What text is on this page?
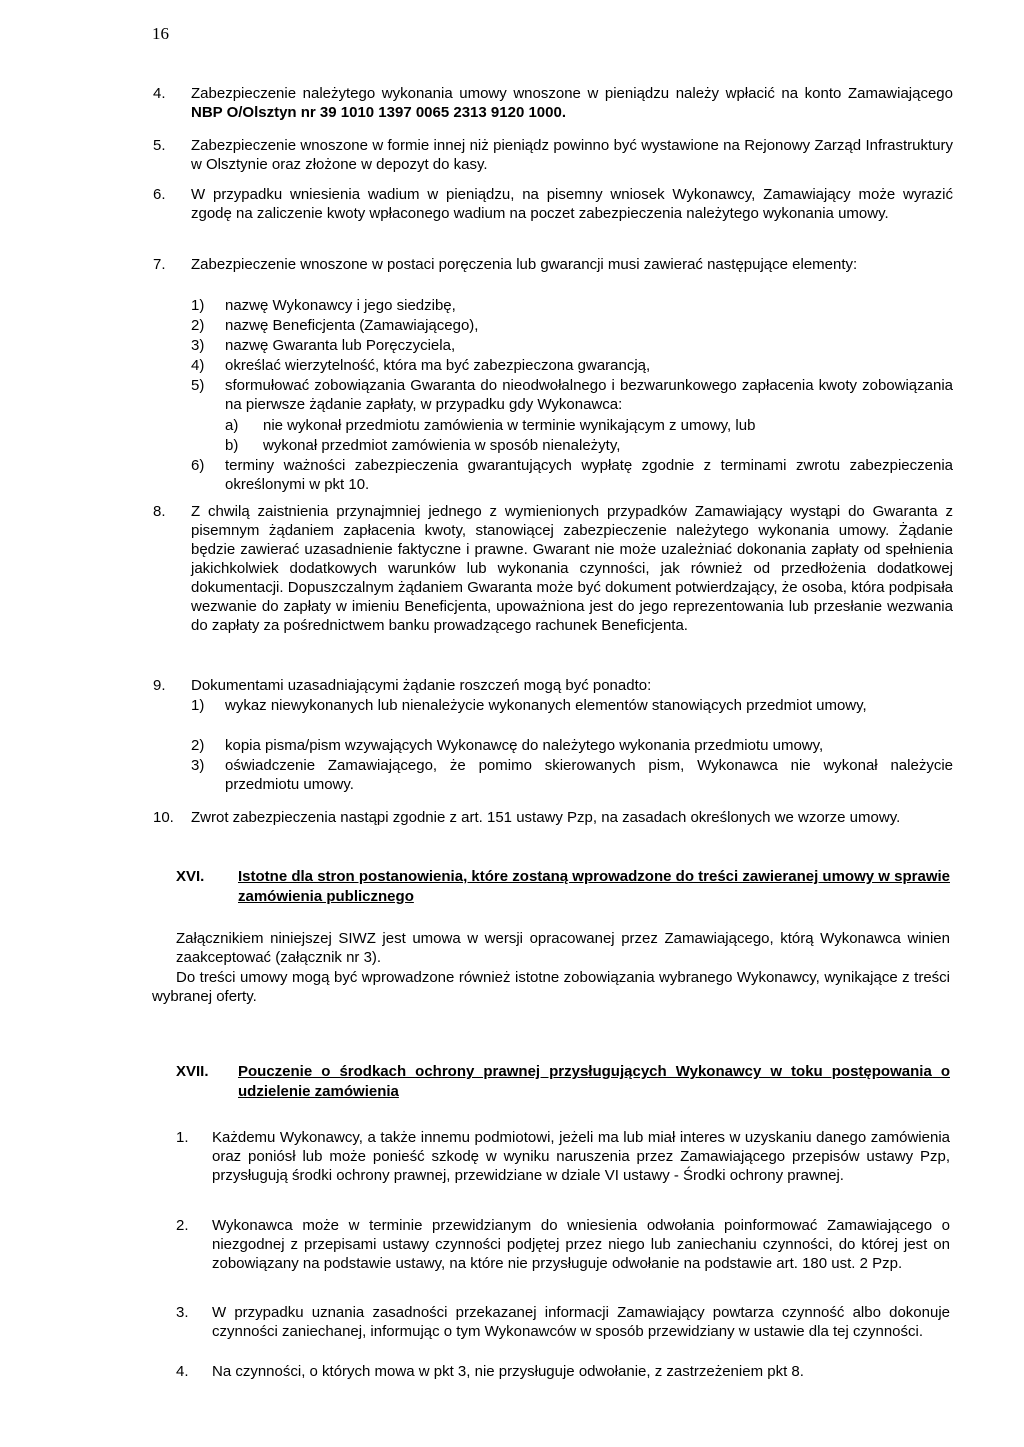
16
4. Zabezpieczenie należytego wykonania umowy wnoszone w pieniądzu należy wpłacić na konto Zamawiającego NBP O/Olsztyn nr 39 1010 1397 0065 2313 9120 1000.

5. Zabezpieczenie wnoszone w formie innej niż pieniądz powinno być wystawione na Rejonowy Zarząd Infrastruktury w Olsztynie oraz złożone w depozyt do kasy.

6. W przypadku wniesienia wadium w pieniądzu, na pisemny wniosek Wykonawcy, Zamawiający może wyrazić zgodę na zaliczenie kwoty wpłaconego wadium na poczet zabezpieczenia należytego wykonania umowy.

7. Zabezpieczenie wnoszone w postaci poręczenia lub gwarancji musi zawierać następujące elementy:

1) nazwę Wykonawcy i jego siedzibę,

2) nazwę Beneficjenta (Zamawiającego),

3) nazwę Gwaranta lub Poręczyciela,

4) określać wierzytelność, która ma być zabezpieczona gwarancją,

5) sformułować zobowiązania Gwaranta do nieodwołalnego i bezwarunkowego zapłacenia kwoty zobowiązania na pierwsze żądanie zapłaty, w przypadku gdy Wykonawca:

a) nie wykonał przedmiotu zamówienia w terminie wynikającym z umowy, lub

b) wykonał przedmiot zamówienia w sposób nienależyty,

6) terminy ważności zabezpieczenia gwarantujących wypłatę zgodnie z terminami zwrotu zabezpieczenia określonymi w pkt 10.

8. Z chwilą zaistnienia przynajmniej jednego z wymienionych przypadków Zamawiający wystąpi do Gwaranta z pisemnym żądaniem zapłacenia kwoty, stanowiącej zabezpieczenie należytego wykonania umowy. Żądanie będzie zawierać uzasadnienie faktyczne i prawne. Gwarant nie może uzależniać dokonania zapłaty od spełnienia jakichkolwiek dodatkowych warunków lub wykonania czynności, jak również od przedłożenia dodatkowej dokumentacji. Dopuszczalnym żądaniem Gwaranta może być dokument potwierdzający, że osoba, która podpisała wezwanie do zapłaty w imieniu Beneficjenta, upoważniona jest do jego reprezentowania lub przesłanie wezwania do zapłaty za pośrednictwem banku prowadzącego rachunek Beneficjenta.

9. Dokumentami uzasadniającymi żądanie roszczeń mogą być ponadto:

1) wykaz niewykonanych lub nienależycie wykonanych elementów stanowiących przedmiot umowy,

2) kopia pisma/pism wzywających Wykonawcę do należytego wykonania przedmiotu umowy,

3) oświadczenie Zamawiającego, że pomimo skierowanych pism, Wykonawca nie wykonał należycie przedmiotu umowy.

10. Zwrot zabezpieczenia nastąpi zgodnie z art. 151 ustawy Pzp, na zasadach określonych we wzorze umowy.

XVI. Istotne dla stron postanowienia, które zostaną wprowadzone do treści zawieranej umowy w sprawie zamówienia publicznego

Załącznikiem niniejszej SIWZ jest umowa w wersji opracowanej przez Zamawiającego, którą Wykonawca winien zaakceptować (załącznik nr 3).

Do treści umowy mogą być wprowadzone również istotne zobowiązania wybranego Wykonawcy, wynikające z treści wybranej oferty.

XVII. Pouczenie o środkach ochrony prawnej przysługujących Wykonawcy w toku postępowania o udzielenie zamówienia
1. Każdemu Wykonawcy, a także innemu podmiotowi, jeżeli ma lub miał interes w uzyskaniu danego zamówienia oraz poniósł lub może ponieść szkodę w wyniku naruszenia przez Zamawiającego przepisów ustawy Pzp, przysługują środki ochrony prawnej, przewidziane w dziale VI ustawy - Środki ochrony prawnej.

2. Wykonawca może w terminie przewidzianym do wniesienia odwołania poinformować Zamawiającego o niezgodnej z przepisami ustawy czynności podjętej przez niego lub zaniechaniu czynności, do której jest on zobowiązany na podstawie ustawy, na które nie przysługuje odwołanie na podstawie art. 180 ust. 2 Pzp.

3. W przypadku uznania zasadności przekazanej informacji Zamawiający powtarza czynność albo dokonuje czynności zaniechanej, informując o tym Wykonawców w sposób przewidziany w ustawie dla tej czynności.

4. Na czynności, o których mowa w pkt 3, nie przysługuje odwołanie, z zastrzeżeniem pkt 8.
